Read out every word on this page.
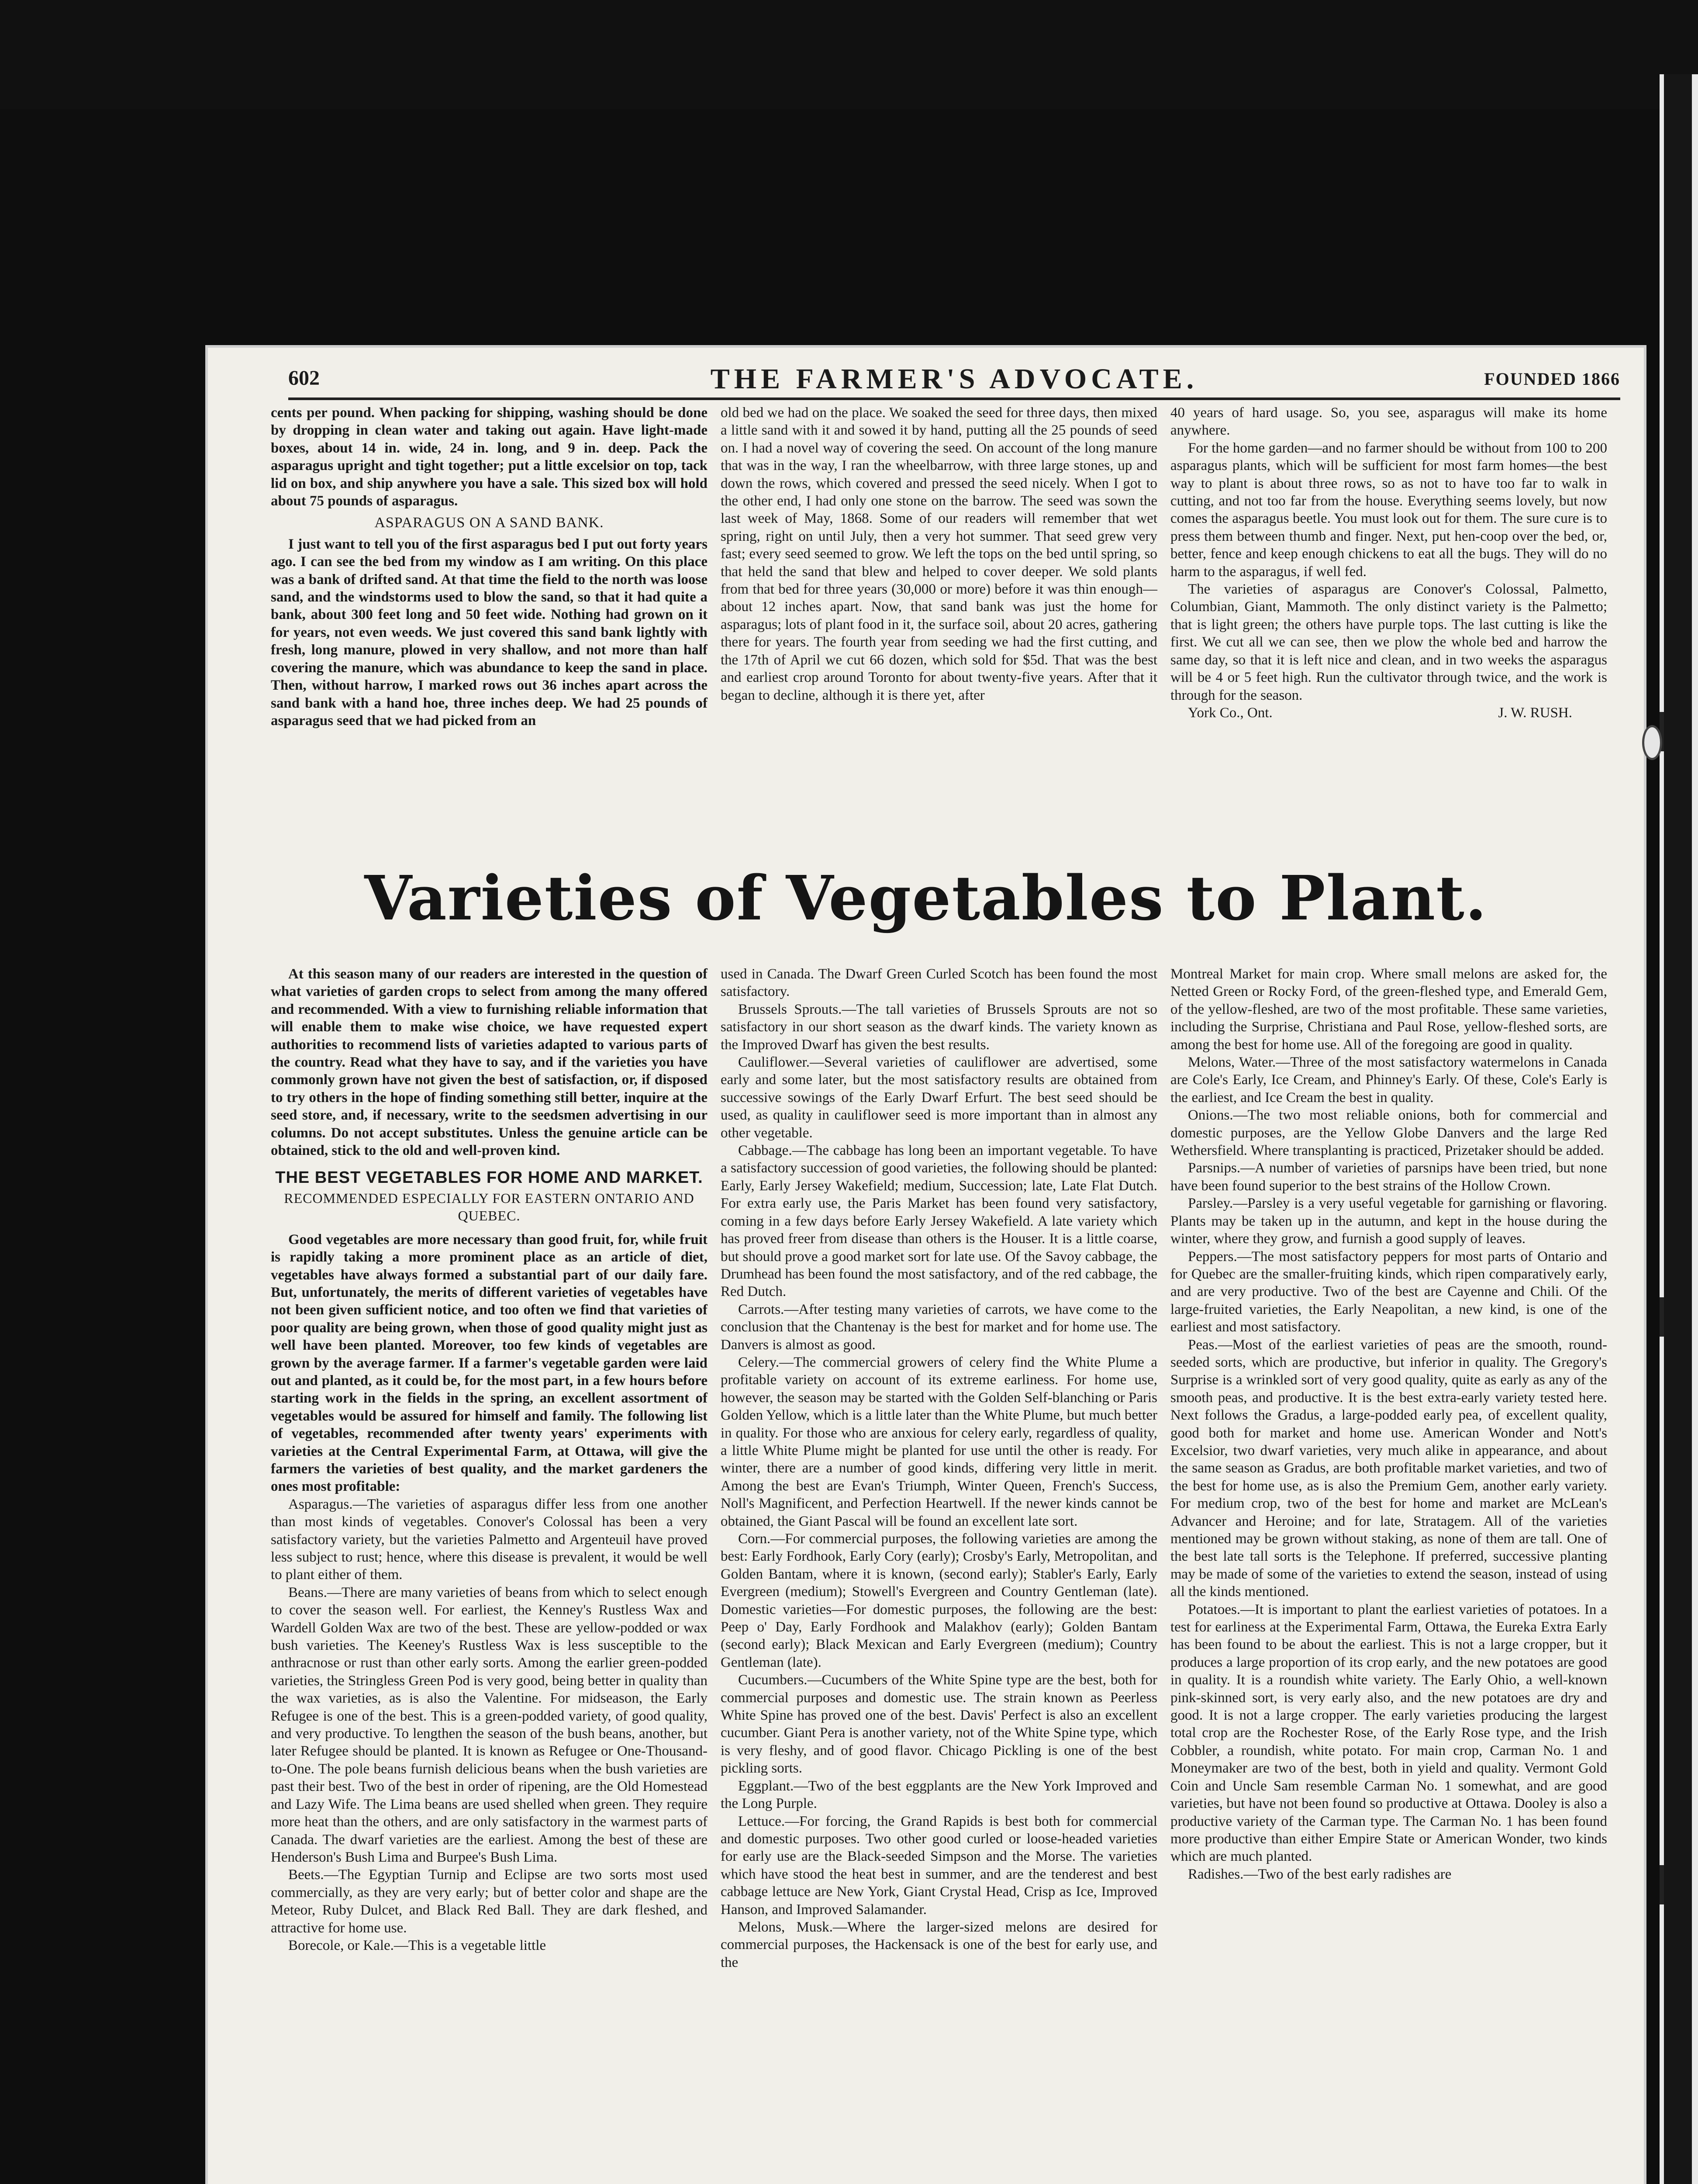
602	THE FARMER'S ADVOCATE.	FOUNDED 1866

cents per pound. When packing for shipping, washing should be done by dropping in clean water and taking out again. Have light-made boxes, about 14 in. wide, 24 in. long, and 9 in. deep. Pack the asparagus upright and tight together; put a little excelsior on top, tack lid on box, and ship anywhere you have a sale. This sized box will hold about 75 pounds of asparagus.

ASPARAGUS ON A SAND BANK.

I just want to tell you of the first asparagus bed I put out forty years ago. I can see the bed from my window as I am writing. On this place was a bank of drifted sand. At that time the field to the north was loose sand, and the windstorms used to blow the sand, so that it had quite a bank, about 300 feet long and 50 feet wide. Nothing had grown on it for years, not even weeds. We just covered this sand bank lightly with fresh, long manure, plowed in very shallow, and not more than half covering the manure, which was abundance to keep the sand in place. Then, without harrow, I marked rows out 36 inches apart across the sand bank with a hand hoe, three inches deep. We had 25 pounds of asparagus seed that we had picked from an

old bed we had on the place. We soaked the seed for three days, then mixed a little sand with it and sowed it by hand, putting all the 25 pounds of seed on. I had a novel way of covering the seed. On account of the long manure that was in the way, I ran the wheelbarrow, with three large stones, up and down the rows, which covered and pressed the seed nicely. When I got to the other end, I had only one stone on the barrow. The seed was sown the last week of May, 1868. Some of our readers will remember that wet spring, right on until July, then a very hot summer. That seed grew very fast; every seed seemed to grow. We left the tops on the bed until spring, so that held the sand that blew and helped to cover deeper. We sold plants from that bed for three years (30,000 or more) before it was thin enough—about 12 inches apart. Now, that sand bank was just the home for asparagus; lots of plant food in it, the surface soil, about 20 acres, gathering there for years. The fourth year from seeding we had the first cutting, and the 17th of April we cut 66 dozen, which sold for $5d. That was the best and earliest crop around Toronto for about twenty-five years. After that it began to decline, although it is there yet, after

40 years of hard usage. So, you see, asparagus will make its home anywhere.

For the home garden—and no farmer should be without from 100 to 200 asparagus plants, which will be sufficient for most farm homes—the best way to plant is about three rows, so as not to have too far to walk in cutting, and not too far from the house. Everything seems lovely, but now comes the asparagus beetle. You must look out for them. The sure cure is to press them between thumb and finger. Next, put hen-coop over the bed, or, better, fence and keep enough chickens to eat all the bugs. They will do no harm to the asparagus, if well fed.

The varieties of asparagus are Conover's Colossal, Palmetto, Columbian, Giant, Mammoth. The only distinct variety is the Palmetto; that is light green; the others have purple tops. The last cutting is like the first. We cut all we can see, then we plow the whole bed and harrow the same day, so that it is left nice and clean, and in two weeks the asparagus will be 4 or 5 feet high. Run the cultivator through twice, and the work is through for the season.

York Co., Ont.	J. W. RUSH.

Varieties of Vegetables to Plant.

At this season many of our readers are interested in the question of what varieties of garden crops to select from among the many offered and recommended. With a view to furnishing reliable information that will enable them to make wise choice, we have requested expert authorities to recommend lists of varieties adapted to various parts of the country. Read what they have to say, and if the varieties you have commonly grown have not given the best of satisfaction, or, if disposed to try others in the hope of finding something still better, inquire at the seed store, and, if necessary, write to the seedsmen advertising in our columns. Do not accept substitutes. Unless the genuine article can be obtained, stick to the old and well-proven kind.

THE BEST VEGETABLES FOR HOME AND MARKET.
RECOMMENDED ESPECIALLY FOR EASTERN ONTARIO AND QUEBEC.

Good vegetables are more necessary than good fruit, for, while fruit is rapidly taking a more prominent place as an article of diet, vegetables have always formed a substantial part of our daily fare. But, unfortunately, the merits of different varieties of vegetables have not been given sufficient notice, and too often we find that varieties of poor quality are being grown, when those of good quality might just as well have been planted. Moreover, too few kinds of vegetables are grown by the average farmer. If a farmer's vegetable garden were laid out and planted, as it could be, for the most part, in a few hours before starting work in the fields in the spring, an excellent assortment of vegetables would be assured for himself and family. The following list of vegetables, recommended after twenty years' experiments with varieties at the Central Experimental Farm, at Ottawa, will give the farmers the varieties of best quality, and the market gardeners the ones most profitable:

Asparagus.—The varieties of asparagus differ less from one another than most kinds of vegetables. Conover's Colossal has been a very satisfactory variety, but the varieties Palmetto and Argenteuil have proved less subject to rust; hence, where this disease is prevalent, it would be well to plant either of them.

Beans.—There are many varieties of beans from which to select enough to cover the season well. For earliest, the Kenney's Rustless Wax and Wardell Golden Wax are two of the best. These are yellow-podded or wax bush varieties. The Keeney's Rustless Wax is less susceptible to the anthracnose or rust than other early sorts. Among the earlier green-podded varieties, the Stringless Green Pod is very good, being better in quality than the wax varieties, as is also the Valentine. For midseason, the Early Refugee is one of the best. This is a green-podded variety, of good quality, and very productive. To lengthen the season of the bush beans, another, but later Refugee should be planted. It is known as Refugee or One-Thousand-to-One. The pole beans furnish delicious beans when the bush varieties are past their best. Two of the best in order of ripening, are the Old Homestead and Lazy Wife. The Lima beans are used shelled when green. They require more heat than the others, and are only satisfactory in the warmest parts of Canada. The dwarf varieties are the earliest. Among the best of these are Henderson's Bush Lima and Burpee's Bush Lima.

Beets.—The Egyptian Turnip and Eclipse are two sorts most used commercially, as they are very early; but of better color and shape are the Meteor, Ruby Dulcet, and Black Red Ball. They are dark fleshed, and attractive for home use.

Borecole, or Kale.—This is a vegetable little

used in Canada. The Dwarf Green Curled Scotch has been found the most satisfactory.

Brussels Sprouts.—The tall varieties of Brussels Sprouts are not so satisfactory in our short season as the dwarf kinds. The variety known as the Improved Dwarf has given the best results.

Cauliflower.—Several varieties of cauliflower are advertised, some early and some later, but the most satisfactory results are obtained from successive sowings of the Early Dwarf Erfurt. The best seed should be used, as quality in cauliflower seed is more important than in almost any other vegetable.

Cabbage.—The cabbage has long been an important vegetable. To have a satisfactory succession of good varieties, the following should be planted: Early, Early Jersey Wakefield; medium, Succession; late, Late Flat Dutch. For extra early use, the Paris Market has been found very satisfactory, coming in a few days before Early Jersey Wakefield. A late variety which has proved freer from disease than others is the Houser. It is a little coarse, but should prove a good market sort for late use. Of the Savoy cabbage, the Drumhead has been found the most satisfactory, and of the red cabbage, the Red Dutch.

Carrots.—After testing many varieties of carrots, we have come to the conclusion that the Chantenay is the best for market and for home use. The Danvers is almost as good.

Celery.—The commercial growers of celery find the White Plume a profitable variety on account of its extreme earliness. For home use, however, the season may be started with the Golden Self-blanching or Paris Golden Yellow, which is a little later than the White Plume, but much better in quality. For those who are anxious for celery early, regardless of quality, a little White Plume might be planted for use until the other is ready. For winter, there are a number of good kinds, differing very little in merit. Among the best are Evan's Triumph, Winter Queen, French's Success, Noll's Magnificent, and Perfection Heartwell. If the newer kinds cannot be obtained, the Giant Pascal will be found an excellent late sort.

Corn.—For commercial purposes, the following varieties are among the best: Early Fordhook, Early Cory (early); Crosby's Early, Metropolitan, and Golden Bantam, where it is known, (second early); Stabler's Early, Early Evergreen (medium); Stowell's Evergreen and Country Gentleman (late). Domestic varieties—For domestic purposes, the following are the best: Peep o' Day, Early Fordhook and Malakhov (early); Golden Bantam (second early); Black Mexican and Early Evergreen (medium); Country Gentleman (late).

Cucumbers.—Cucumbers of the White Spine type are the best, both for commercial purposes and domestic use. The strain known as Peerless White Spine has proved one of the best. Davis' Perfect is also an excellent cucumber. Giant Pera is another variety, not of the White Spine type, which is very fleshy, and of good flavor. Chicago Pickling is one of the best pickling sorts.

Eggplant.—Two of the best eggplants are the New York Improved and the Long Purple.

Lettuce.—For forcing, the Grand Rapids is best both for commercial and domestic purposes. Two other good curled or loose-headed varieties for early use are the Black-seeded Simpson and the Morse. The varieties which have stood the heat best in summer, and are the tenderest and best cabbage lettuce are New York, Giant Crystal Head, Crisp as Ice, Improved Hanson, and Improved Salamander.

Melons, Musk.—Where the larger-sized melons are desired for commercial purposes, the Hackensack is one of the best for early use, and the

Montreal Market for main crop. Where small melons are asked for, the Netted Green or Rocky Ford, of the green-fleshed type, and Emerald Gem, of the yellow-fleshed, are two of the most profitable. These same varieties, including the Surprise, Christiana and Paul Rose, yellow-fleshed sorts, are among the best for home use. All of the foregoing are good in quality.

Melons, Water.—Three of the most satisfactory watermelons in Canada are Cole's Early, Ice Cream, and Phinney's Early. Of these, Cole's Early is the earliest, and Ice Cream the best in quality.

Onions.—The two most reliable onions, both for commercial and domestic purposes, are the Yellow Globe Danvers and the large Red Wethersfield. Where transplanting is practiced, Prizetaker should be added.

Parsnips.—A number of varieties of parsnips have been tried, but none have been found superior to the best strains of the Hollow Crown.

Parsley.—Parsley is a very useful vegetable for garnishing or flavoring. Plants may be taken up in the autumn, and kept in the house during the winter, where they grow, and furnish a good supply of leaves.

Peppers.—The most satisfactory peppers for most parts of Ontario and for Quebec are the smaller-fruiting kinds, which ripen comparatively early, and are very productive. Two of the best are Cayenne and Chili. Of the large-fruited varieties, the Early Neapolitan, a new kind, is one of the earliest and most satisfactory.

Peas.—Most of the earliest varieties of peas are the smooth, round-seeded sorts, which are productive, but inferior in quality. The Gregory's Surprise is a wrinkled sort of very good quality, quite as early as any of the smooth peas, and productive. It is the best extra-early variety tested here. Next follows the Gradus, a large-podded early pea, of excellent quality, good both for market and home use. American Wonder and Nott's Excelsior, two dwarf varieties, very much alike in appearance, and about the same season as Gradus, are both profitable market varieties, and two of the best for home use, as is also the Premium Gem, another early variety. For medium crop, two of the best for home and market are McLean's Advancer and Heroine; and for late, Stratagem. All of the varieties mentioned may be grown without staking, as none of them are tall. One of the best late tall sorts is the Telephone. If preferred, successive planting may be made of some of the varieties to extend the season, instead of using all the kinds mentioned.

Potatoes.—It is important to plant the earliest varieties of potatoes. In a test for earliness at the Experimental Farm, Ottawa, the Eureka Extra Early has been found to be about the earliest. This is not a large cropper, but it produces a large proportion of its crop early, and the new potatoes are good in quality. It is a roundish white variety. The Early Ohio, a well-known pink-skinned sort, is very early also, and the new potatoes are dry and good. It is not a large cropper. The early varieties producing the largest total crop are the Rochester Rose, of the Early Rose type, and the Irish Cobbler, a roundish, white potato. For main crop, Carman No. 1 and Moneymaker are two of the best, both in yield and quality. Vermont Gold Coin and Uncle Sam resemble Carman No. 1 somewhat, and are good varieties, but have not been found so productive at Ottawa. Dooley is also a productive variety of the Carman type. The Carman No. 1 has been found more productive than either Empire State or American Wonder, two kinds which are much planted.

Radishes.—Two of the best early radishes are
